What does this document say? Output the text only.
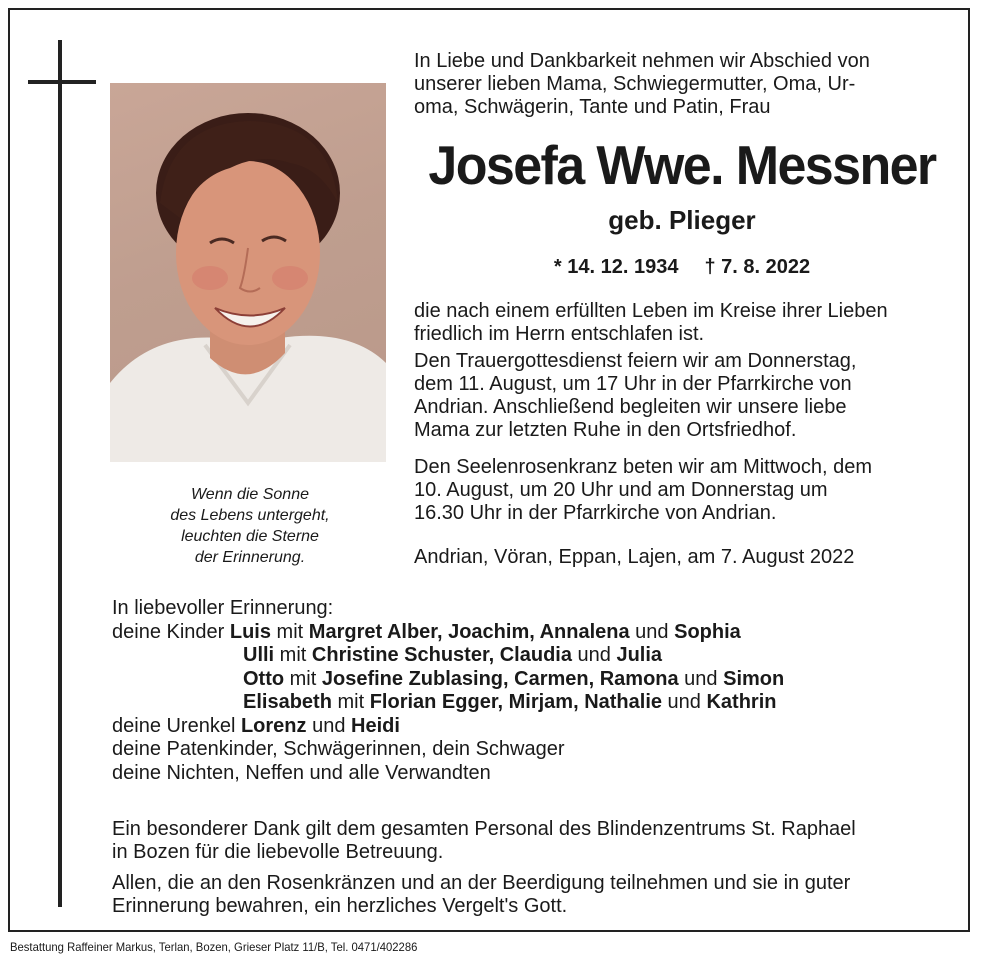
Wenn die Sonne
des Lebens untergeht,
leuchten die Sterne
der Erinnerung.
In Liebe und Dankbarkeit nehmen wir Abschied von
unserer lieben Mama, Schwiegermutter, Oma, Ur-
oma, Schwägerin, Tante und Patin, Frau
Josefa Wwe. Messner
geb. Plieger
* 14. 12. 1934 † 7. 8. 2022
die nach einem erfüllten Leben im Kreise ihrer Lieben
friedlich im Herrn entschlafen ist.
Den Trauergottesdienst feiern wir am Donnerstag,
dem 11. August, um 17 Uhr in der Pfarrkirche von
Andrian. Anschließend begleiten wir unsere liebe
Mama zur letzten Ruhe in den Ortsfriedhof.
Den Seelenrosenkranz beten wir am Mittwoch, dem
10. August, um 20 Uhr und am Donnerstag um
16.30 Uhr in der Pfarrkirche von Andrian.
Andrian, Vöran, Eppan, Lajen, am 7. August 2022
In liebevoller Erinnerung:
deine Kinder Luis mit Margret Alber, Joachim, Annalena und Sophia
Ulli mit Christine Schuster, Claudia und Julia
Otto mit Josefine Zublasing, Carmen, Ramona und Simon
Elisabeth mit Florian Egger, Mirjam, Nathalie und Kathrin
deine Urenkel Lorenz und Heidi
deine Patenkinder, Schwägerinnen, dein Schwager
deine Nichten, Neffen und alle Verwandten
Ein besonderer Dank gilt dem gesamten Personal des Blindenzentrums St. Raphael
in Bozen für die liebevolle Betreuung.
Allen, die an den Rosenkränzen und an der Beerdigung teilnehmen und sie in guter
Erinnerung bewahren, ein herzliches Vergelt's Gott.
Bestattung Raffeiner Markus, Terlan, Bozen, Grieser Platz 11/B, Tel. 0471/402286
